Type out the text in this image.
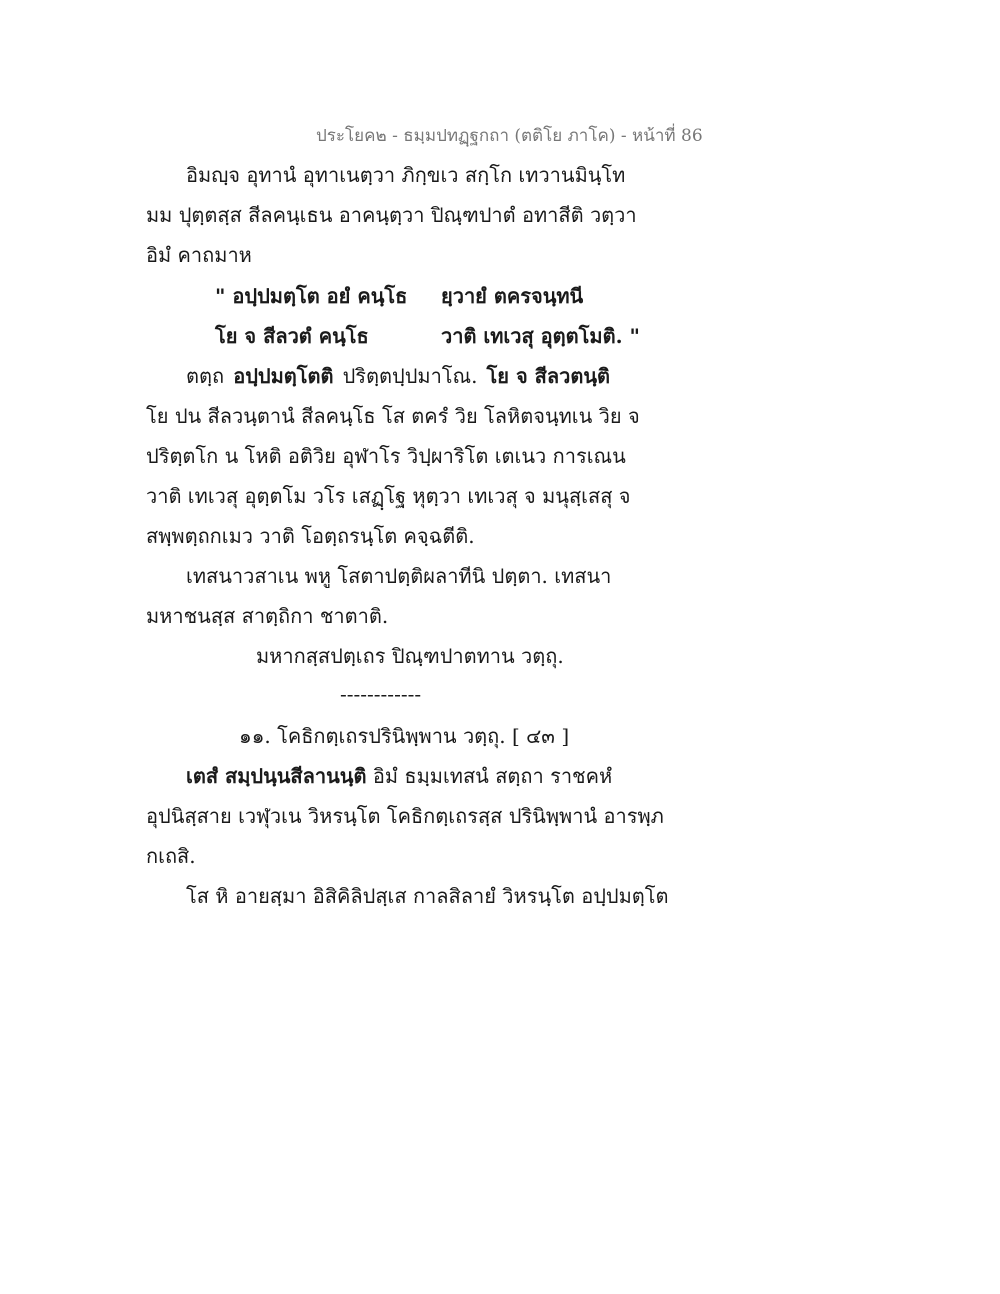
ประโยค๒ - ธมฺมปทฏฺฐกถา (ตติโย ภาโค) - หน้าที่ 86
อิมญฺจ อุทานํ อุทาเนตฺวา ภิกฺขเว สกฺโก เทวานมินฺโท
มม ปุตฺตสฺส สีลคนฺเธน อาคนฺตฺวา ปิณฺฑปาตํ อทาสีติ วตฺวา
อิมํ คาถมาห
" อปฺปมตฺโต อยํ คนฺโธ ยฺวายํ ตครจนฺทนี
โย จ สีลวตํ คนฺโธ	วาติ เทเวสุ อุตฺตโมติ. "
ตตฺถ อปฺปมตฺโตติ ปริตฺตปฺปมาโณ. โย จ สีลวตนฺติ
โย ปน สีลวนฺตานํ สีลคนฺโธ โส ตครํ วิย โลหิตจนฺทเน วิย จ
ปริตฺตโก น โหติ อติวิย อุฬาโร วิปฺผาริโต เตเนว การเณน
วาติ เทเวสุ อุตฺตโม วโร เสฏฺโฐ หุตฺวา เทเวสุ จ มนุสฺเสสุ จ
สพฺพตฺถกเมว วาติ โอตฺถรนฺโต คจฺฉตีติ.
เทสนาวสาเน พหู โสตาปตฺติผลาทีนิ ปตฺตา. เทสนา
มหาชนสฺส สาตฺถิกา ชาตาติ.
มหากสฺสปตฺเถร ปิณฺฑปาตทาน วตฺถุ.
------------
๑๑. โคธิกตฺเถรปรินิพฺพาน วตฺถุ. [ ๔๓ ]
เตสํ สมฺปนฺนสีลานนฺติ อิมํ ธมฺมเทสนํ สตฺถา ราชคหํ
อุปนิสฺสาย เวฬุวเน วิหรนฺโต โคธิกตฺเถรสฺส ปรินิพฺพานํ อารพฺภ
กเถสิ.
โส หิ อายสฺมา อิสิคิลิปสฺเส กาลสิลายํ วิหรนฺโต อปฺปมตฺโต
